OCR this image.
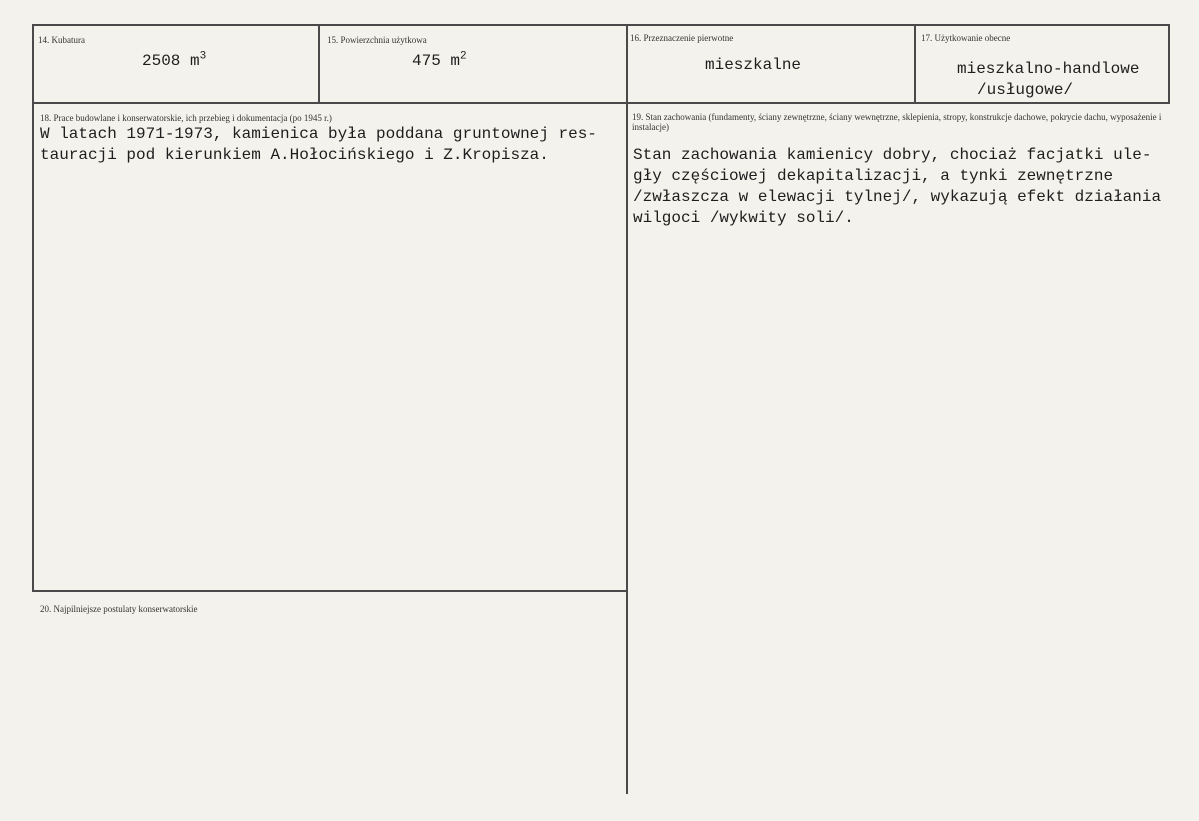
14. Kubatura
2508 $m^3$
15. Powierzchnia użytkowa
475 $m^2$
16. Przeznaczenie pierwotne
mieszkalne
17. Użytkowanie obecne
mieszkalno-handlowe
/usługowe/
18. Prace budowlane i konserwatorskie, ich przebieg i dokumentacja (po 1945 r.)
W latach 1971-1973, kamienica była poddana gruntownej res-
tauracji pod kierunkiem A.Hołocińskiego i Z.Kropisza.
19. Stan zachowania (fundamenty, ściany zewnętrzne, ściany wewnętrzne, sklepienia, stropy, konstrukcje dachowe, pokrycie dachu, wyposażenie i instalacje)
Stan zachowania kamienicy dobry, chociaż facjatki ule-
gły częściowej dekapitalizacji, a tynki zewnętrzne
/zwłaszcza w elewacji tylnej/, wykazują efekt działania
wilgoci /wykwity soli/.
20. Najpilniejsze postulaty konserwatorskie
